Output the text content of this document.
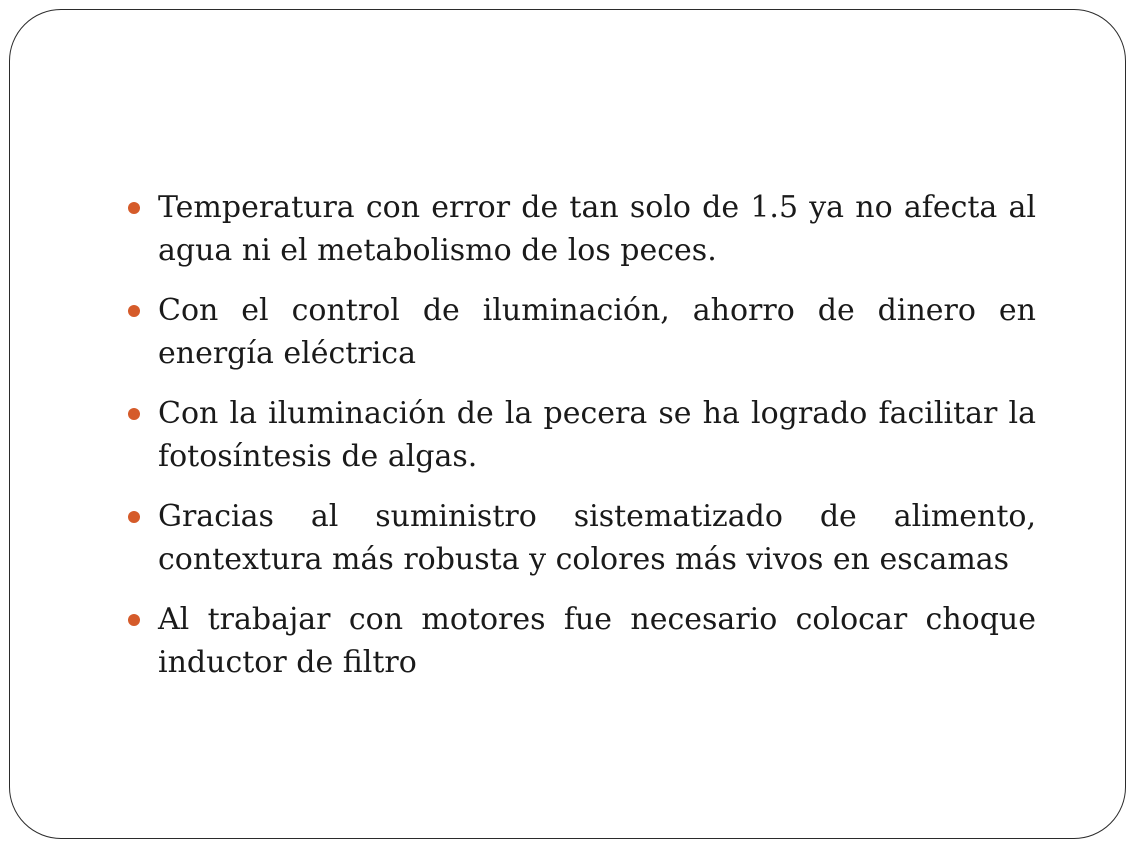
Temperatura con error de tan solo de 1.5 ya no afecta al agua ni el metabolismo de los peces.
Con el control de iluminación, ahorro de dinero en energía eléctrica
Con la iluminación de la pecera se ha logrado facilitar la fotosíntesis de algas.
Gracias al suministro sistematizado de alimento, contextura más robusta y colores más vivos en escamas
Al trabajar con motores fue necesario colocar choque inductor de filtro
